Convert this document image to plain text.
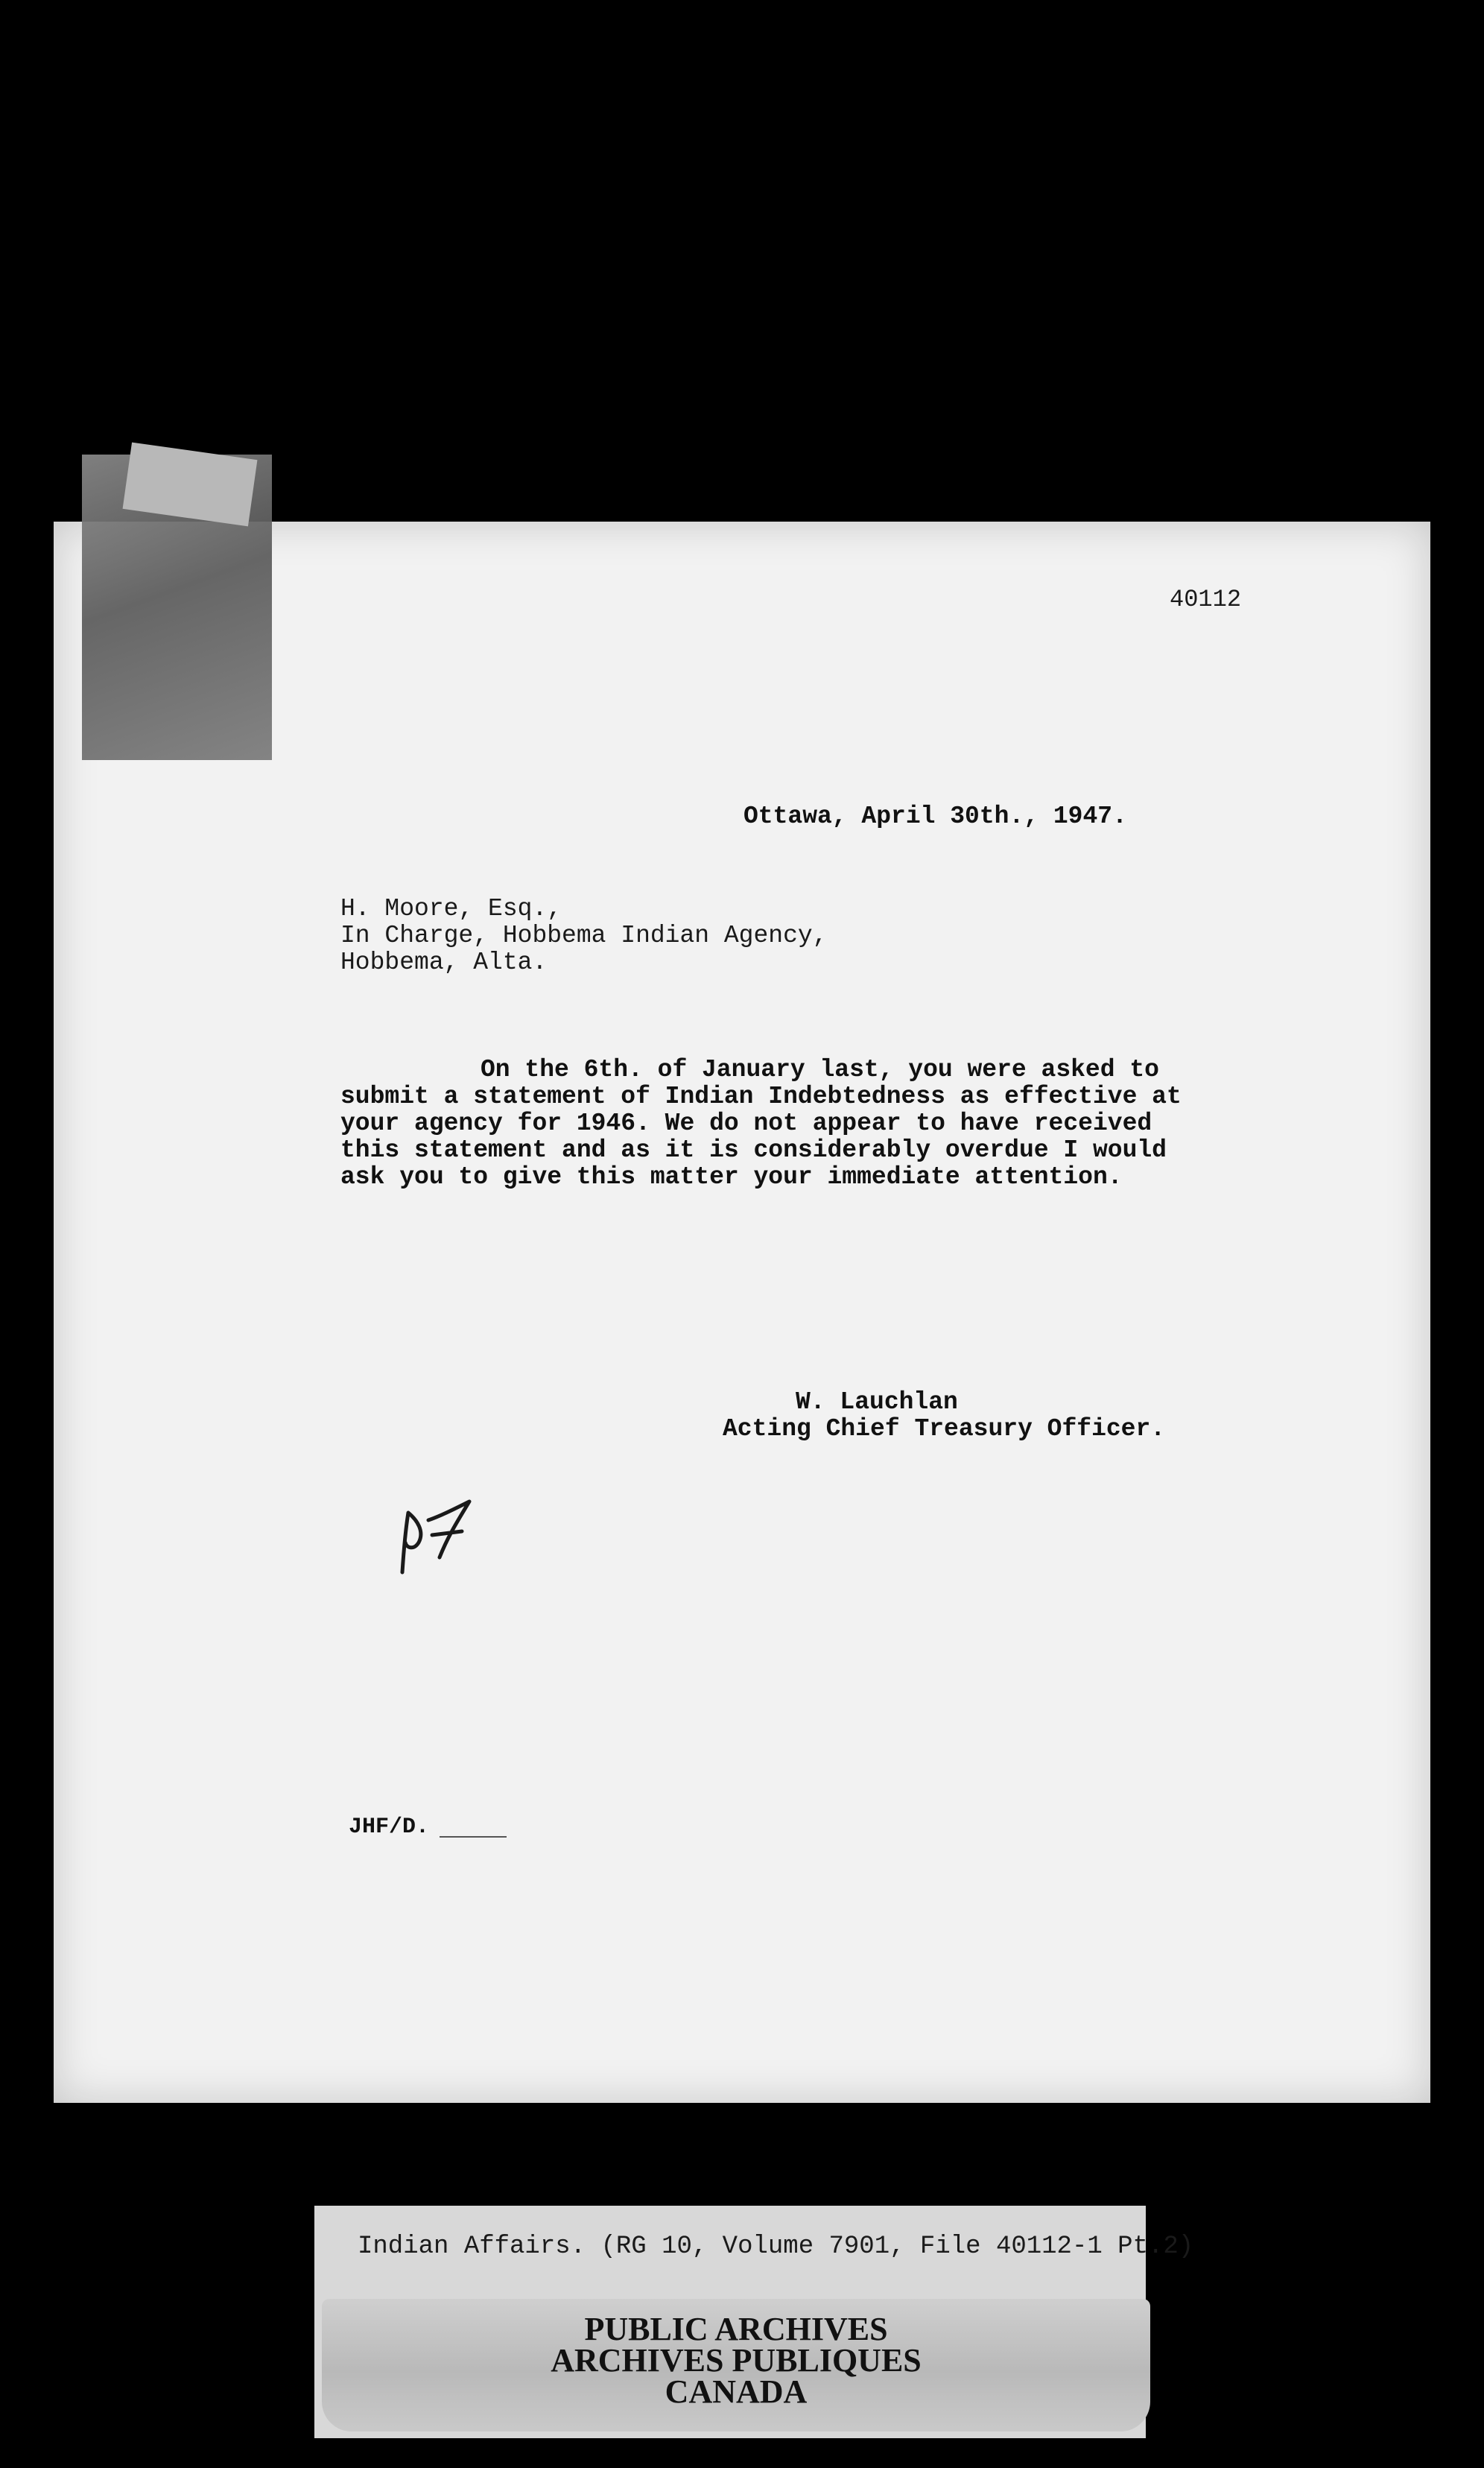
40112
Ottawa, April 30th., 1947.
H. Moore, Esq.,
In Charge, Hobbema Indian Agency,
Hobbema, Alta.
On the 6th. of January last, you were asked to
submit a statement of Indian Indebtedness as effective at
your agency for 1946. We do not appear to have received
this statement and as it is considerably overdue I would
ask you to give this matter your immediate attention.
W. Lauchlan
Acting Chief Treasury Officer.
JHF/D.
Indian Affairs. (RG 10, Volume 7901, File 40112-1 Pt.2)
PUBLIC ARCHIVES
ARCHIVES PUBLIQUES
CANADA
